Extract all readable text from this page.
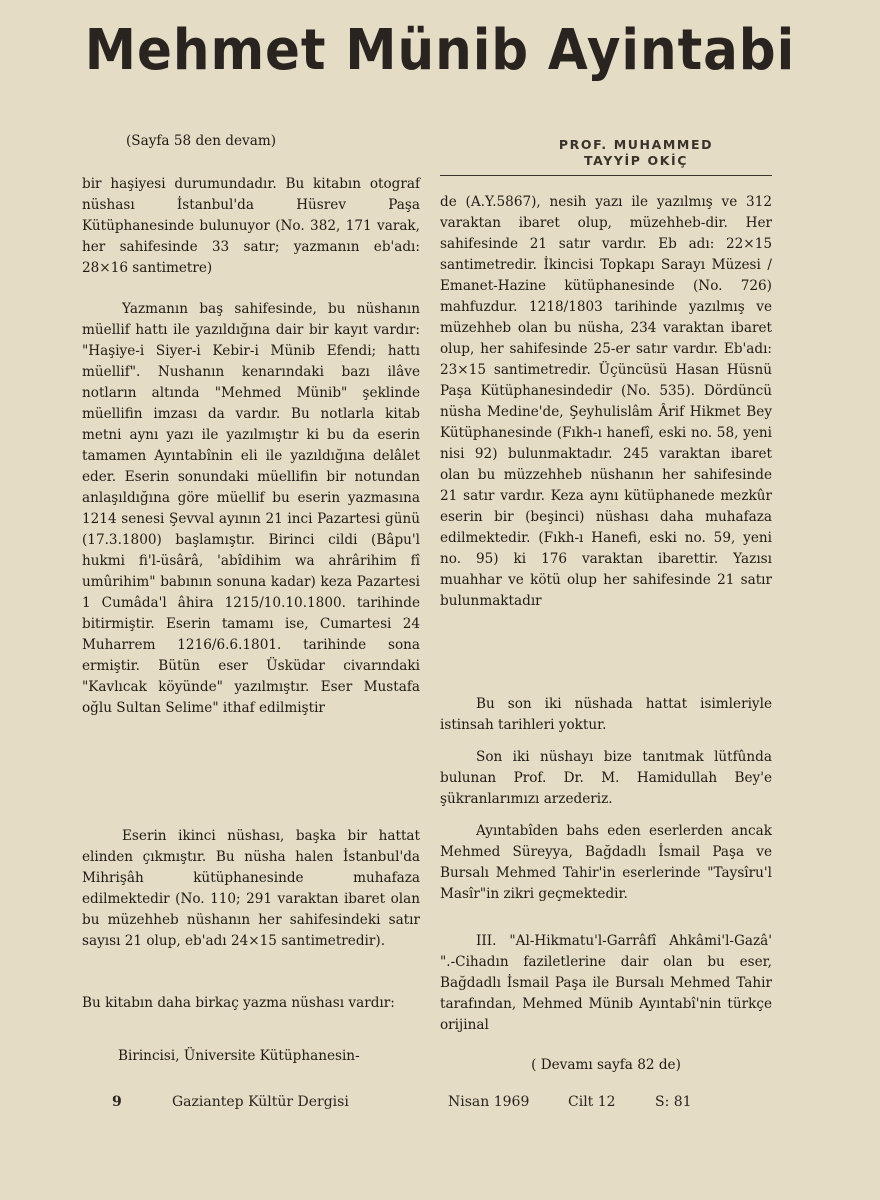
Mehmet Münib Ayintabi
PROF. MUHAMMED TAYYİP OKİÇ

(Sayfa 58 den devam)

bir haşiyesi durumundadır. Bu kitabın otograf nüshası İstanbul'da Hüsrev Paşa Kütüphanesinde bulunuyor (No. 382, 171 varak, her sahifesinde 33 satır; yazmanın eb'adı: 28×16 santimetre)

Yazmanın baş sahifesinde, bu nüshanın müellif hattı ile yazıldığına dair bir kayıt vardır: "Haşiye-i Siyer-i Kebir-i Münib Efendi; hattı müellif". Nushanın kenarındaki bazı ilâve notların altında "Mehmed Münib" şeklinde müellifin imzası da vardır. Bu notlarla kitab metni aynı yazı ile yazılmıştır ki bu da eserin tamamen Ayıntabînin eli ile yazıldığına delâlet eder. Eserin sonundaki müellifin bir notundan anlaşıldığına göre müellif bu eserin yazmasına 1214 senesi Şevval ayının 21 inci Pazartesi günü (17.3.1800) başlamıştır. Birinci cildi (Bâpu'l hukmi fi'l-üsârâ, 'abîdihim wa ahrârihim fî umûrihim" babının sonuna kadar) keza Pazartesi 1 Cumâda'l âhira 1215/10.10.1800. tarihinde bitirmiştir. Eserin tamamı ise, Cumartesi 24 Muharrem 1216/6.6.1801. tarihinde sona ermiştir. Bütün eser Üsküdar civarındaki "Kavlıcak köyünde" yazılmıştır. Eser Mustafa oğlu Sultan Selime" ithaf edilmiştir

Eserin ikinci nüshası, başka bir hattat elinden çıkmıştır. Bu nüsha halen İstanbul'da Mihrişâh kütüphanesinde muhafaza edilmektedir (No. 110; 291 varaktan ibaret olan bu müzehheb nüshanın her sahifesindeki satır sayısı 21 olup, eb'adı 24×15 santimetredir).

Bu kitabın daha birkaç yazma nüshası vardır:

Birincisi, Üniversite Kütüphanesin-

de (A.Y.5867), nesih yazı ile yazılmış ve 312 varaktan ibaret olup, müzehheb-dir. Her sahifesinde 21 satır vardır. Eb adı: 22×15 santimetredir. İkincisi Topkapı Sarayı Müzesi / Emanet-Hazine kütüphanesinde (No. 726) mahfuzdur. 1218/1803 tarihinde yazılmış ve müzehheb olan bu nüsha, 234 varaktan ibaret olup, her sahifesinde 25-er satır vardır. Eb'adı: 23×15 santimetredir. Üçüncüsü Hasan Hüsnü Paşa Kütüphanesindedir (No. 535). Dördüncü nüsha Medine'de, Şeyhulislâm Ârif Hikmet Bey Kütüphanesinde (Fıkh-ı hanefî, eski no. 58, yeni nisi 92) bulunmaktadır. 245 varaktan ibaret olan bu müzzehheb nüshanın her sahifesinde 21 satır vardır. Keza aynı kütüphanede mezkûr eserin bir (beşinci) nüshası daha muhafaza edilmektedir. (Fıkh-ı Hanefi, eski no. 59, yeni no. 95) ki 176 varaktan ibarettir. Yazısı muahhar ve kötü olup her sahifesinde 21 satır bulunmaktadır

Bu son iki nüshada hattat isimleriyle istinsah tarihleri yoktur.

Son iki nüshayı bize tanıtmak lütfûnda bulunan Prof. Dr. M. Hamidullah Bey'e şükranlarımızı arzederiz.

Ayıntabîden bahs eden eserlerden ancak Mehmed Süreyya, Bağdadlı İsmail Paşa ve Bursalı Mehmed Tahir'in eserlerinde "Taysîru'l Masîr"in zikri geçmektedir.

III. "Al-Hikmatu'l-Garrâfî Ahkâmi'l-Gazâ' ".-Cihadın faziletlerine dair olan bu eser, Bağdadlı İsmail Paşa ile Bursalı Mehmed Tahir tarafından, Mehmed Münib Ayıntabî'nin türkçe orijinal

( Devamı sayfa 82 de)

9	Gaziantep Kültür Dergisi	Nisan 1969	Cilt 12	S: 81
